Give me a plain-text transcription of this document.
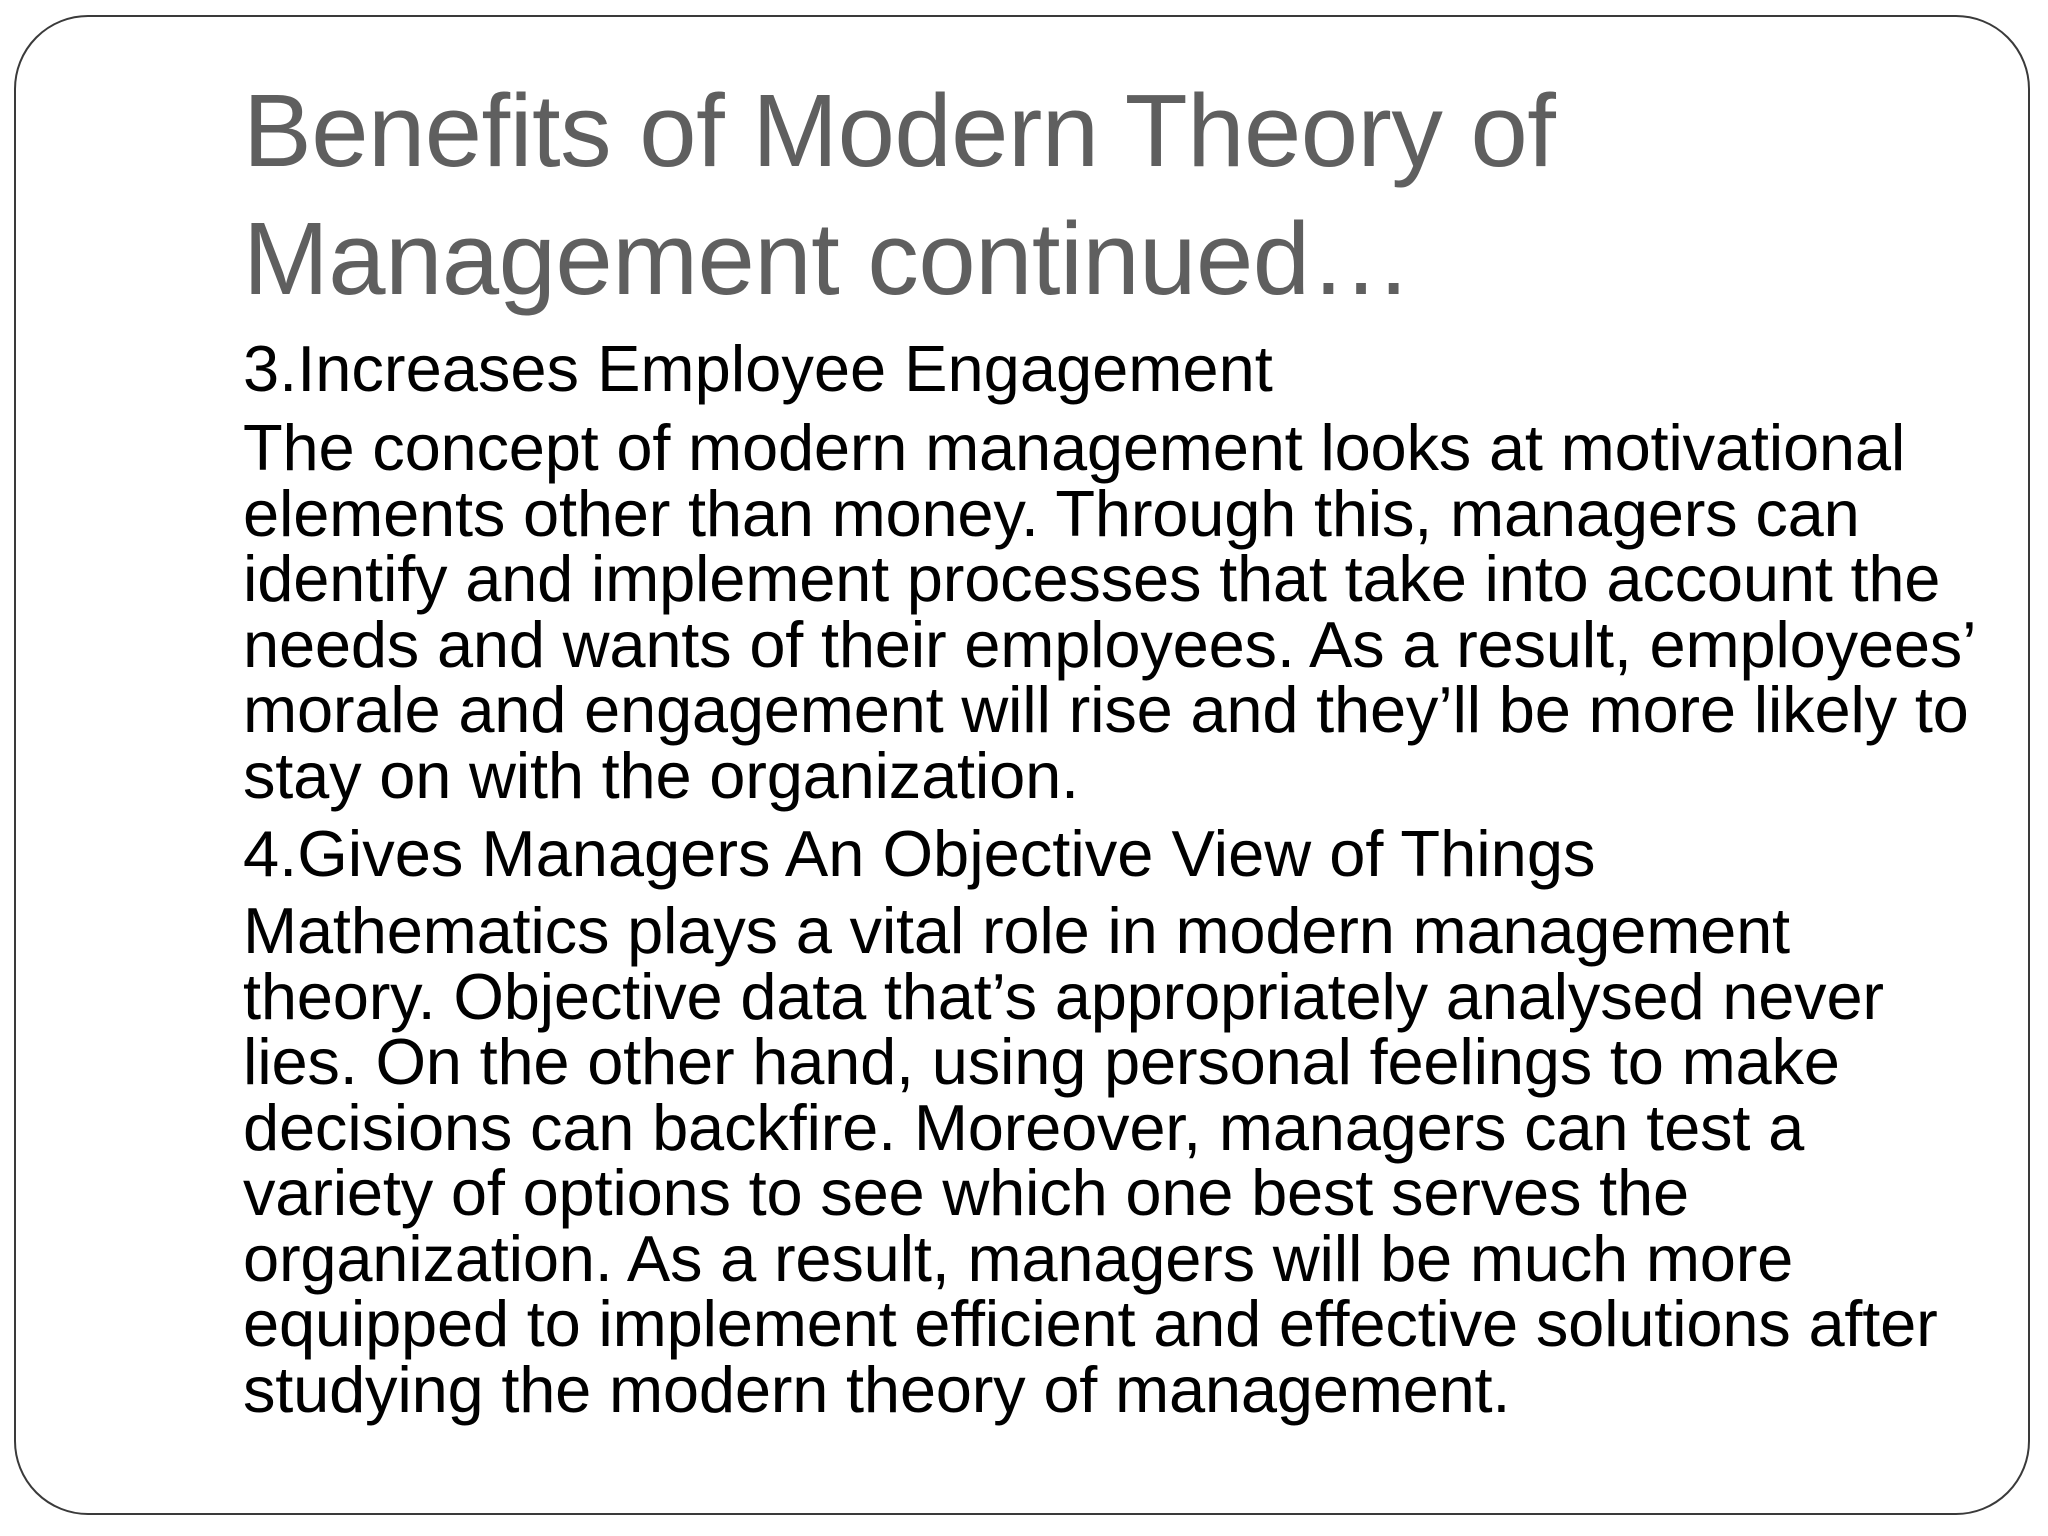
Benefits of Modern Theory of Management continued…

3.Increases Employee Engagement

The concept of modern management looks at motivational elements other than money. Through this, managers can identify and implement processes that take into account the needs and wants of their employees. As a result, employees’ morale and engagement will rise and they’ll be more likely to stay on with the organization.

4.Gives Managers An Objective View of Things

Mathematics plays a vital role in modern management theory. Objective data that’s appropriately analysed never lies. On the other hand, using personal feelings to make decisions can backfire. Moreover, managers can test a variety of options to see which one best serves the organization. As a result, managers will be much more equipped to implement efficient and effective solutions after studying the modern theory of management.
